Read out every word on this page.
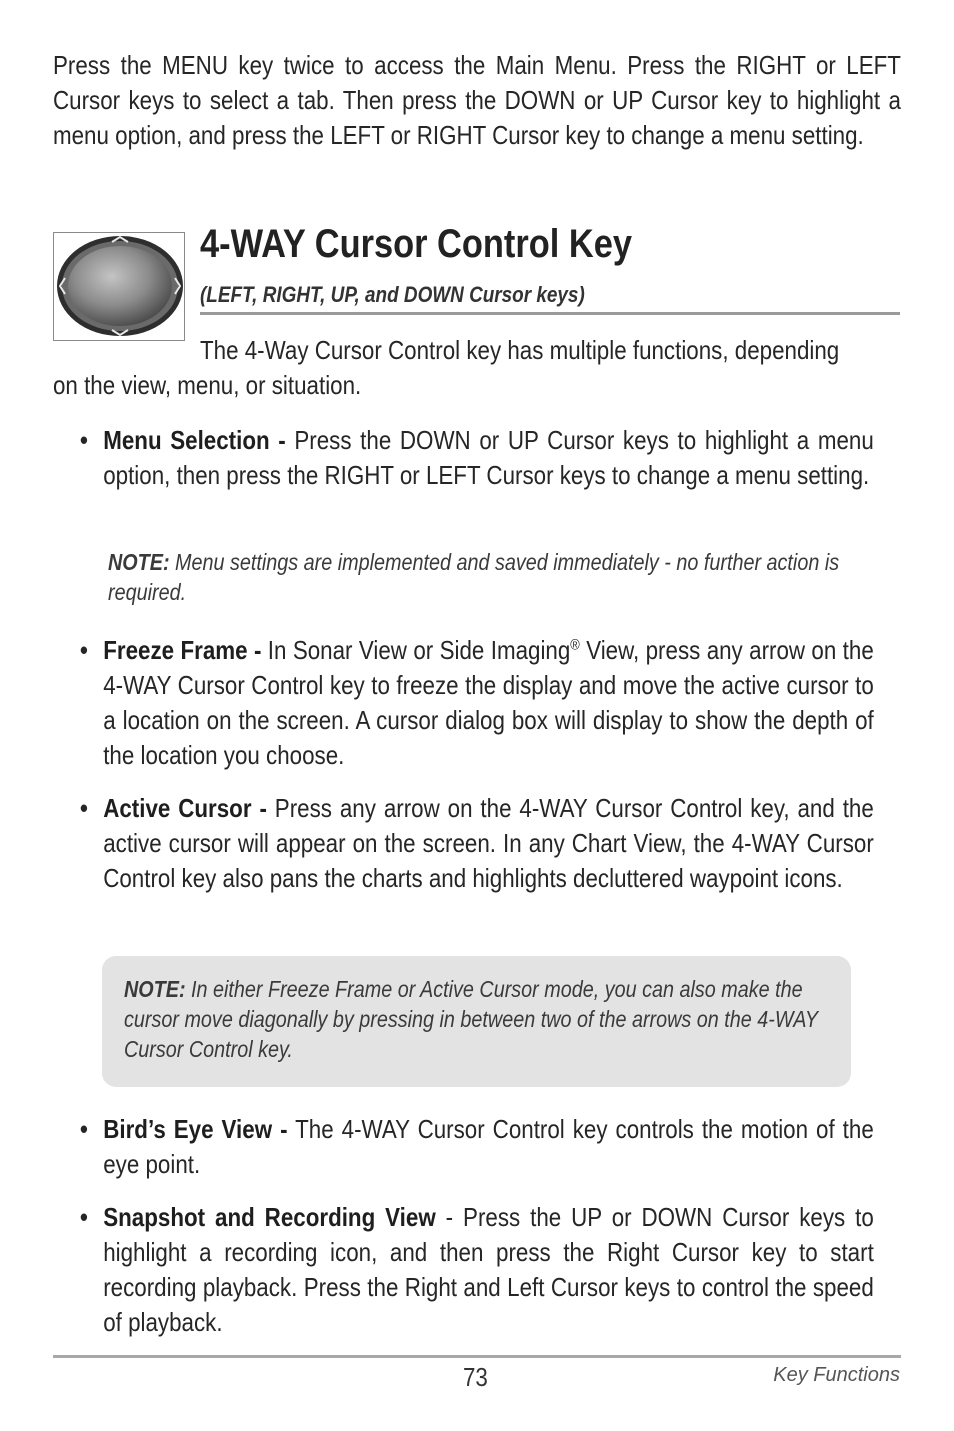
Press the MENU key twice to access the Main Menu. Press the RIGHT or LEFT Cursor keys to select a tab. Then press the DOWN or UP Cursor key to highlight a menu option, and press the LEFT or RIGHT Cursor key to change a menu setting.

4-WAY Cursor Control Key
(LEFT, RIGHT, UP, and DOWN Cursor keys)

The 4-Way Cursor Control key has multiple functions, depending

on the view, menu, or situation.

• Menu Selection - Press the DOWN or UP Cursor keys to highlight a menu option, then press the RIGHT or LEFT Cursor keys to change a menu setting.

NOTE: Menu settings are implemented and saved immediately - no further action is required.

• Freeze Frame - In Sonar View or Side Imaging® View, press any arrow on the 4-WAY Cursor Control key to freeze the display and move the active cursor to a location on the screen. A cursor dialog box will display to show the depth of the location you choose.

• Active Cursor - Press any arrow on the 4-WAY Cursor Control key, and the active cursor will appear on the screen. In any Chart View, the 4-WAY Cursor Control key also pans the charts and highlights decluttered waypoint icons.

NOTE: In either Freeze Frame or Active Cursor mode, you can also make the cursor move diagonally by pressing in between two of the arrows on the 4-WAY Cursor Control key.

• Bird’s Eye View - The 4-WAY Cursor Control key controls the motion of the eye point.

• Snapshot and Recording View - Press the UP or DOWN Cursor keys to highlight a recording icon, and then press the Right Cursor key to start recording playback. Press the Right and Left Cursor keys to control the speed of playback.

73	Key Functions
